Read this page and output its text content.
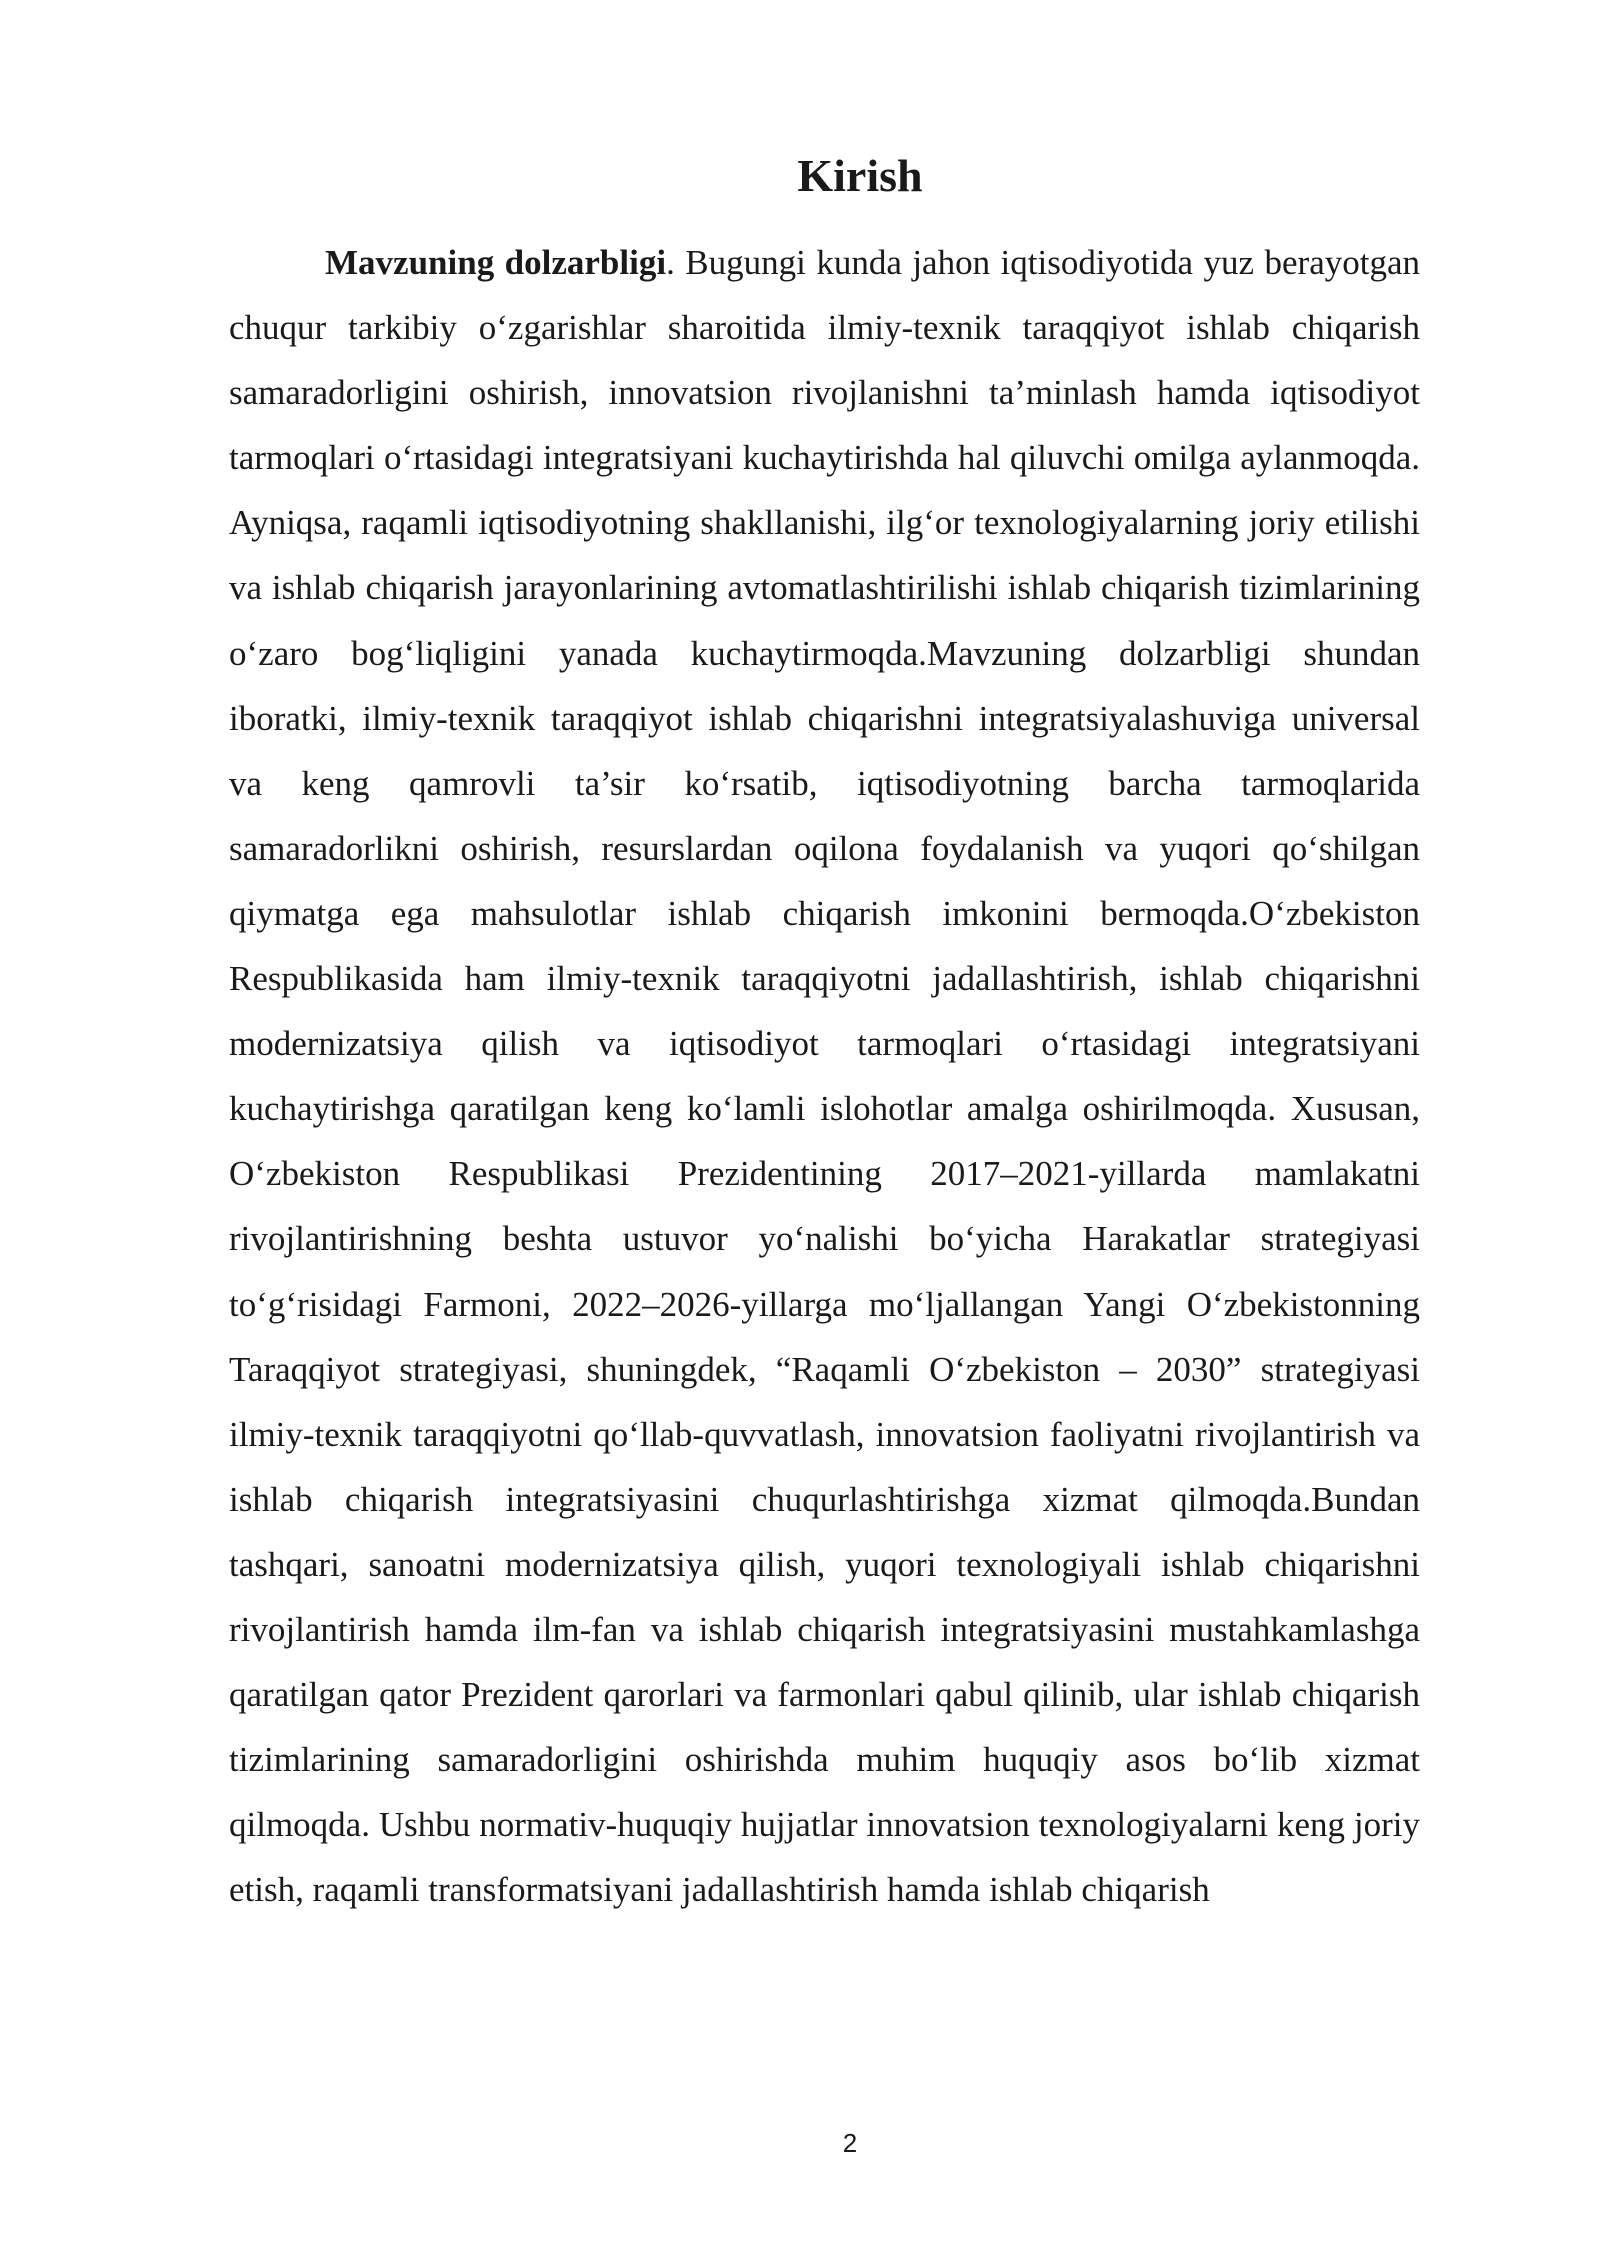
Kirish

Mavzuning dolzarbligi. Bugungi kunda jahon iqtisodiyotida yuz berayotgan chuqur tarkibiy o‘zgarishlar sharoitida ilmiy-texnik taraqqiyot ishlab chiqarish samaradorligini oshirish, innovatsion rivojlanishni ta’minlash hamda iqtisodiyot tarmoqlari o‘rtasidagi integratsiyani kuchaytirishda hal qiluvchi omilga aylanmoqda. Ayniqsa, raqamli iqtisodiyotning shakllanishi, ilg‘or texnologiyalarning joriy etilishi va ishlab chiqarish jarayonlarining avtomatlashtirilishi ishlab chiqarish tizimlarining o‘zaro bog‘liqligini yanada kuchaytirmoqda.Mavzuning dolzarbligi shundan iboratki, ilmiy-texnik taraqqiyot ishlab chiqarishni integratsiyalashuviga universal va keng qamrovli ta’sir ko‘rsatib, iqtisodiyotning barcha tarmoqlarida samaradorlikni oshirish, resurslardan oqilona foydalanish va yuqori qo‘shilgan qiymatga ega mahsulotlar ishlab chiqarish imkonini bermoqda.O‘zbekiston Respublikasida ham ilmiy-texnik taraqqiyotni jadallashtirish, ishlab chiqarishni modernizatsiya qilish va iqtisodiyot tarmoqlari o‘rtasidagi integratsiyani kuchaytirishga qaratilgan keng ko‘lamli islohotlar amalga oshirilmoqda. Xususan, O‘zbekiston Respublikasi Prezidentining 2017–2021-yillarda mamlakatni rivojlantirishning beshta ustuvor yo‘nalishi bo‘yicha Harakatlar strategiyasi to‘g‘risidagi Farmoni, 2022–2026-yillarga mo‘ljallangan Yangi O‘zbekistonning Taraqqiyot strategiyasi, shuningdek, “Raqamli O‘zbekiston – 2030” strategiyasi ilmiy-texnik taraqqiyotni qo‘llab-quvvatlash, innovatsion faoliyatni rivojlantirish va ishlab chiqarish integratsiyasini chuqurlashtirishga xizmat qilmoqda.Bundan tashqari, sanoatni modernizatsiya qilish, yuqori texnologiyali ishlab chiqarishni rivojlantirish hamda ilm-fan va ishlab chiqarish integratsiyasini mustahkamlashga qaratilgan qator Prezident qarorlari va farmonlari qabul qilinib, ular ishlab chiqarish tizimlarining samaradorligini oshirishda muhim huquqiy asos bo‘lib xizmat qilmoqda. Ushbu normativ-huquqiy hujjatlar innovatsion texnologiyalarni keng joriy etish, raqamli transformatsiyani jadallashtirish hamda ishlab chiqarish

2
